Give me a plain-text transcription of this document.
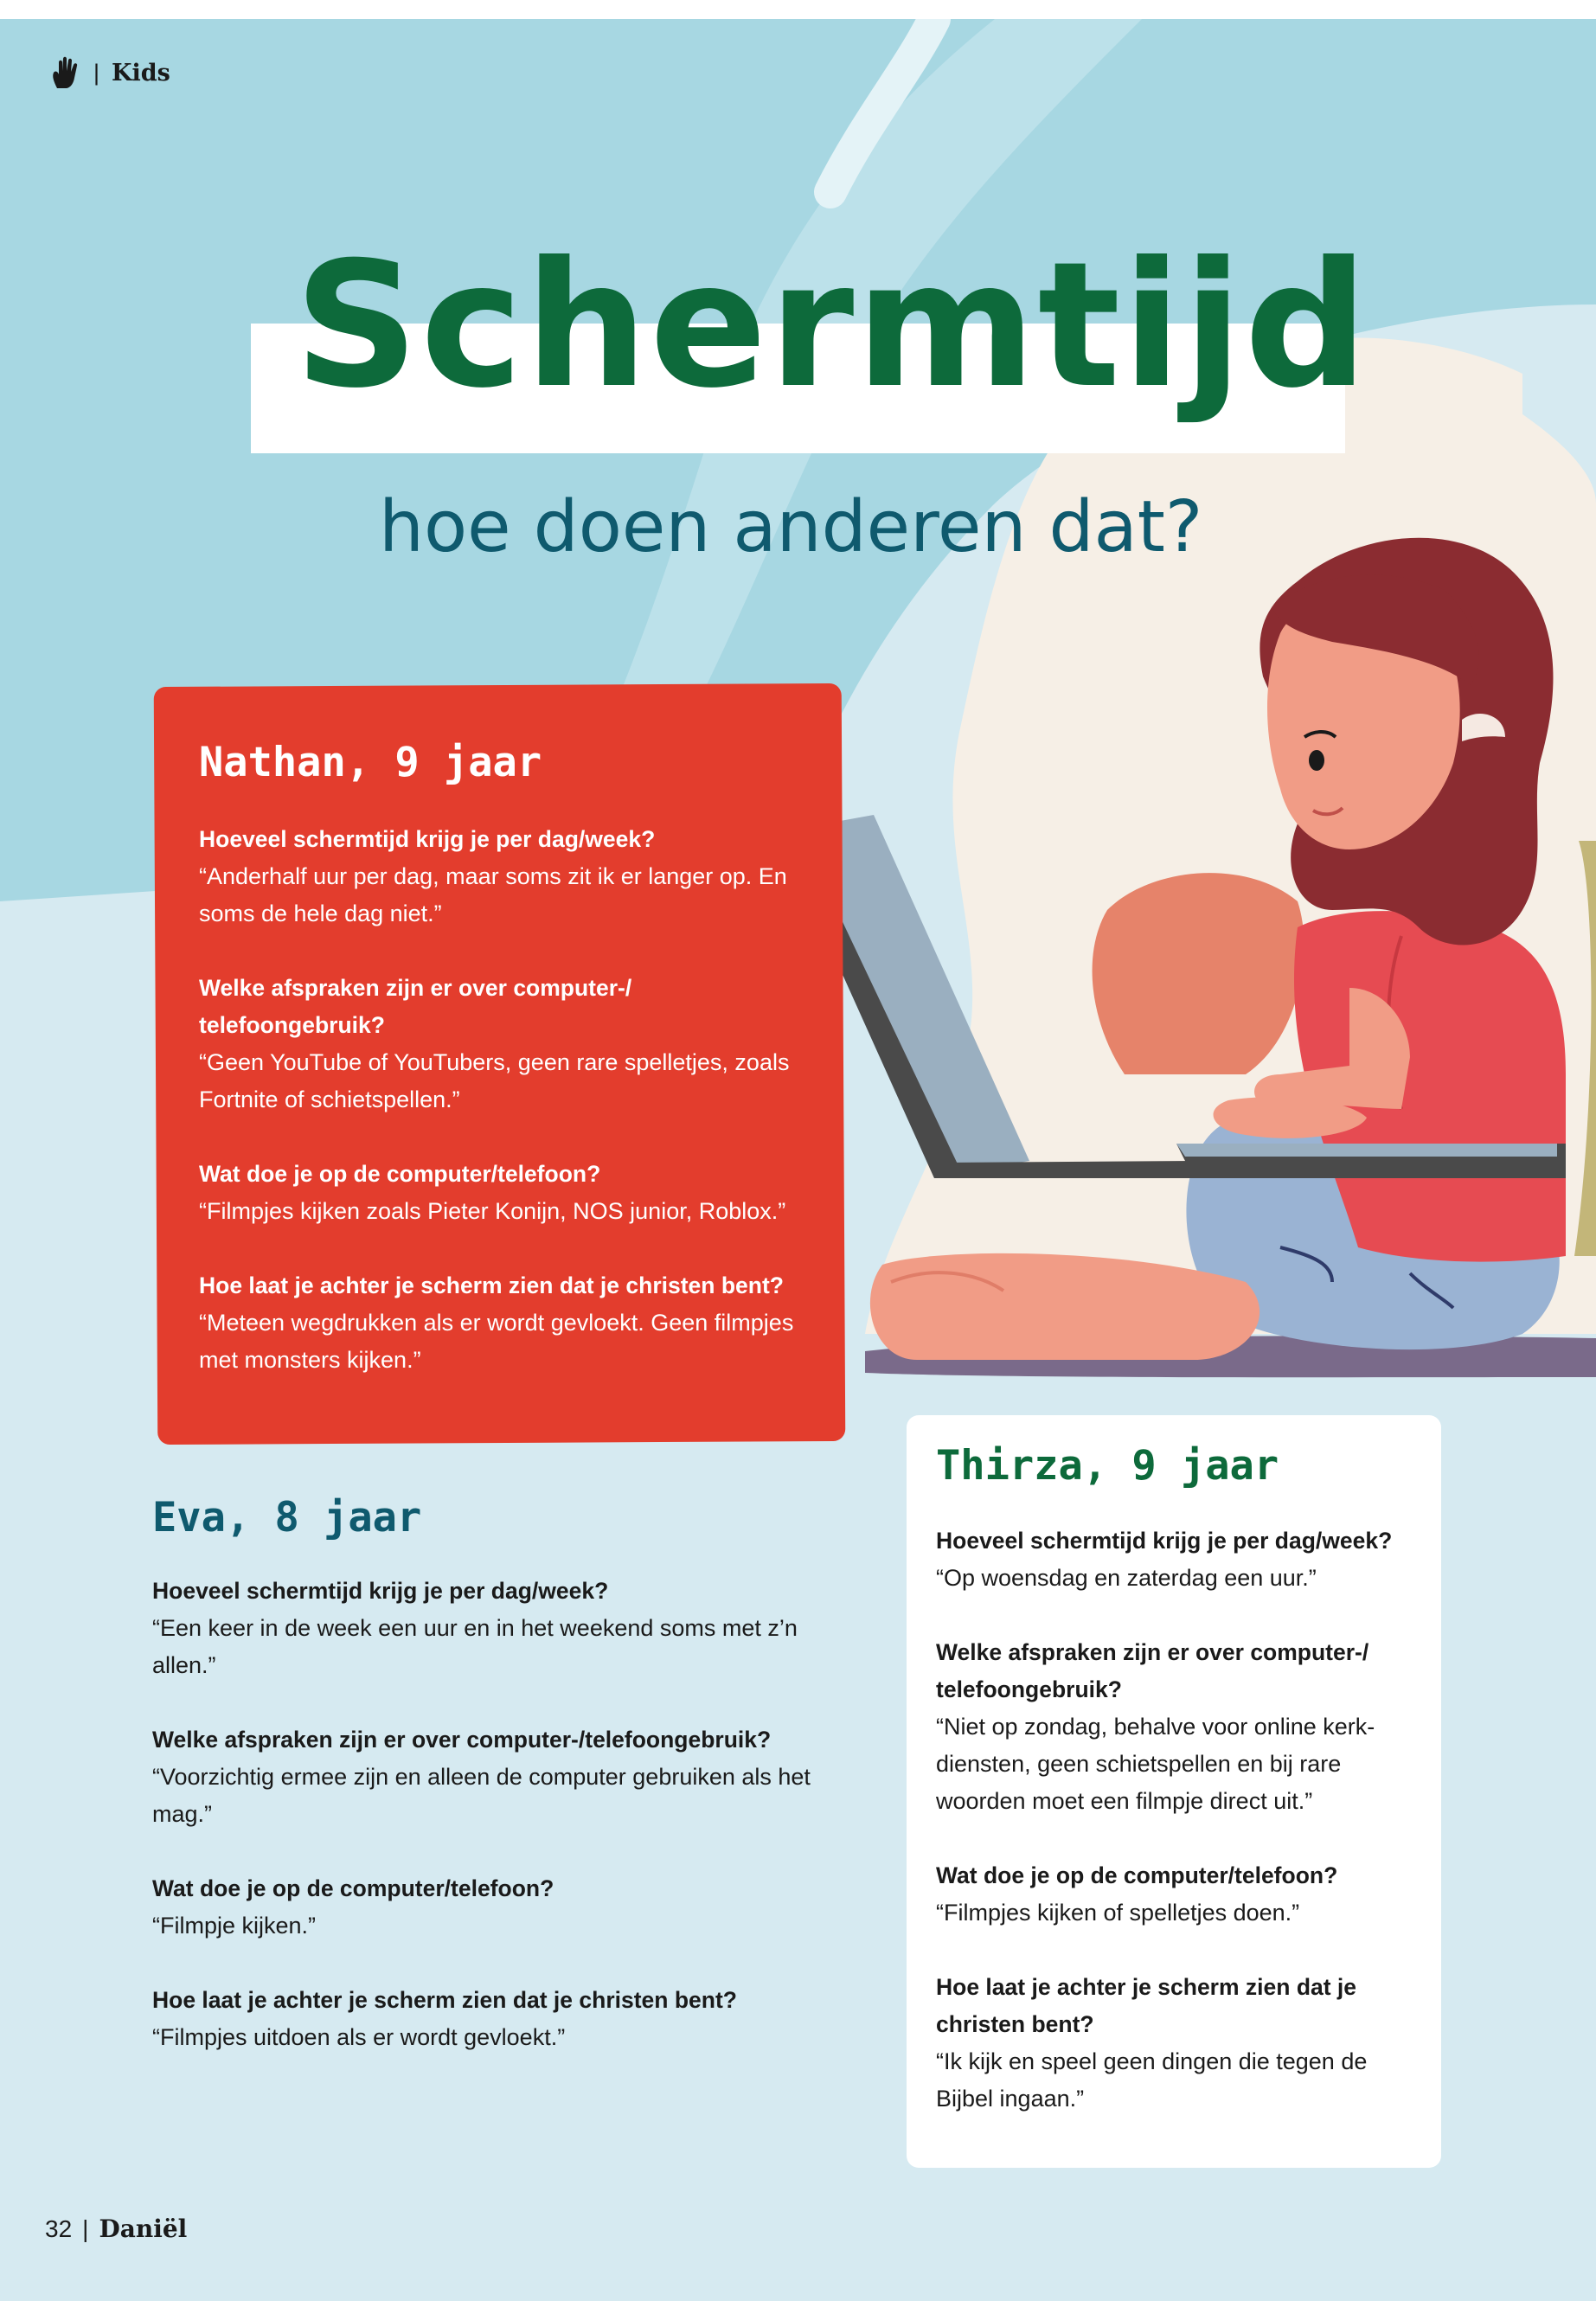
| Kids
Schermtijd
hoe doen anderen dat?
Nathan, 9 jaar
Hoeveel schermtijd krijg je per dag/week?
“Anderhalf uur per dag, maar soms zit ik er langer op. En soms de hele dag niet.”
Welke afspraken zijn er over computer-/ telefoongebruik?
“Geen YouTube of YouTubers, geen rare spelletjes, zoals Fortnite of schietspellen.”
Wat doe je op de computer/telefoon?
“Filmpjes kijken zoals Pieter Konijn, NOS junior, Roblox.”
Hoe laat je achter je scherm zien dat je christen bent?
“Meteen wegdrukken als er wordt gevloekt. Geen filmpjes met monsters kijken.”
Eva, 8 jaar
Hoeveel schermtijd krijg je per dag/week?
“Een keer in de week een uur en in het weekend soms met z’n allen.”
Welke afspraken zijn er over computer-/telefoongebruik?
“Voorzichtig ermee zijn en alleen de computer gebruiken als het mag.”
Wat doe je op de computer/telefoon?
“Filmpje kijken.”
Hoe laat je achter je scherm zien dat je christen bent?
“Filmpjes uitdoen als er wordt gevloekt.”
Thirza, 9 jaar
Hoeveel schermtijd krijg je per dag/week?
“Op woensdag en zaterdag een uur.”
Welke afspraken zijn er over computer-/ telefoongebruik?
“Niet op zondag, behalve voor online kerk-diensten, geen schietspellen en bij rare woorden moet een filmpje direct uit.”
Wat doe je op de computer/telefoon?
“Filmpjes kijken of spelletjes doen.”
Hoe laat je achter je scherm zien dat je christen bent?
“Ik kijk en speel geen dingen die tegen de Bijbel ingaan.”
32 | Daniël
